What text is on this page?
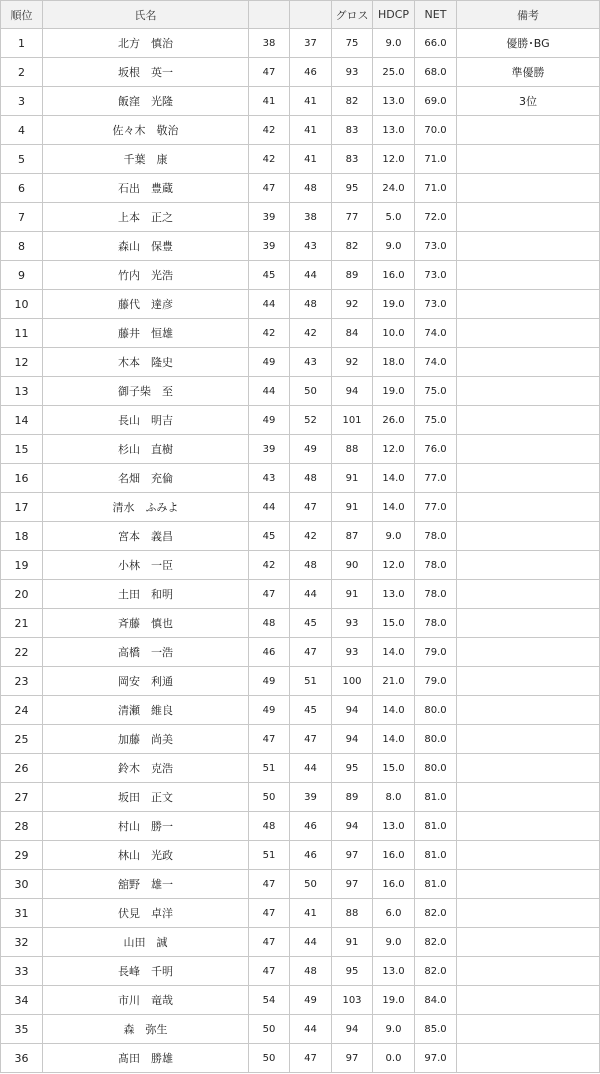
順位	氏名			グロス	HDCP	NET	備考
1	北方　慎治	38	37	75	9.0	66.0	優勝･BG
2	坂根　英一	47	46	93	25.0	68.0	準優勝
3	飯窪　光隆	41	41	82	13.0	69.0	3位
4	佐々木　敬治	42	41	83	13.0	70.0	
5	千葉　康	42	41	83	12.0	71.0	
6	石出　豊蔵	47	48	95	24.0	71.0	
7	上本　正之	39	38	77	5.0	72.0	
8	森山　保豊	39	43	82	9.0	73.0	
9	竹内　光浩	45	44	89	16.0	73.0	
10	藤代　達彦	44	48	92	19.0	73.0	
11	藤井　恒雄	42	42	84	10.0	74.0	
12	木本　隆史	49	43	92	18.0	74.0	
13	御子柴　至	44	50	94	19.0	75.0	
14	長山　明吉	49	52	101	26.0	75.0	
15	杉山　直樹	39	49	88	12.0	76.0	
16	名畑　充倫	43	48	91	14.0	77.0	
17	清水　ふみよ	44	47	91	14.0	77.0	
18	宮本　義昌	45	42	87	9.0	78.0	
19	小林　一臣	42	48	90	12.0	78.0	
20	土田　和明	47	44	91	13.0	78.0	
21	斉藤　慎也	48	45	93	15.0	78.0	
22	高橋　一浩	46	47	93	14.0	79.0	
23	岡安　利通	49	51	100	21.0	79.0	
24	清瀬　維良	49	45	94	14.0	80.0	
25	加藤　尚美	47	47	94	14.0	80.0	
26	鈴木　克浩	51	44	95	15.0	80.0	
27	坂田　正文	50	39	89	8.0	81.0	
28	村山　勝一	48	46	94	13.0	81.0	
29	林山　光政	51	46	97	16.0	81.0	
30	舘野　雄一	47	50	97	16.0	81.0	
31	伏見　卓洋	47	41	88	6.0	82.0	
32	山田　誠	47	44	91	9.0	82.0	
33	長峰　千明	47	48	95	13.0	82.0	
34	市川　竜哉	54	49	103	19.0	84.0	
35	森　弥生	50	44	94	9.0	85.0	
36	髙田　勝雄	50	47	97	0.0	97.0	
